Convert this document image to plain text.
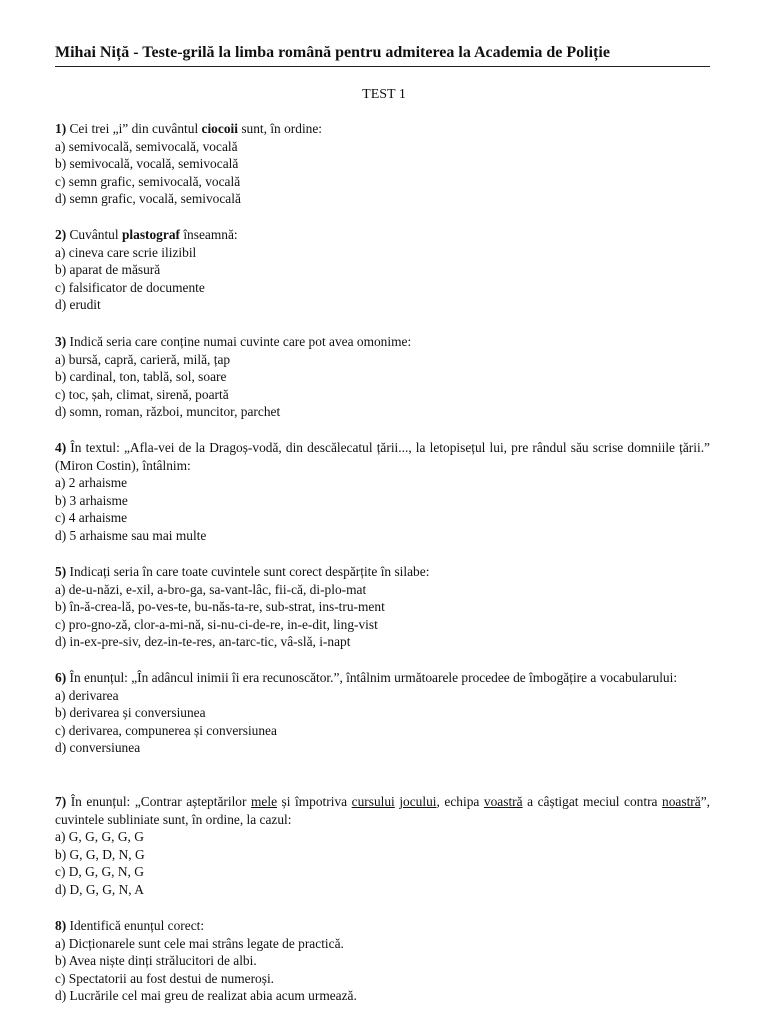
Mihai Niță - Teste-grilă la limba română pentru admiterea la Academia de Poliție
TEST 1

1) Cei trei „i” din cuvântul ciocoii sunt, în ordine:

a) semivocală, semivocală, vocală

b) semivocală, vocală, semivocală

c) semn grafic, semivocală, vocală

d) semn grafic, vocală, semivocală

2) Cuvântul plastograf înseamnă:

a) cineva care scrie ilizibil

b) aparat de măsură

c) falsificator de documente

d) erudit

3) Indică seria care conține numai cuvinte care pot avea omonime:

a) bursă, capră, carieră, milă, țap

b) cardinal, ton, tablă, sol, soare

c) toc, șah, climat, sirenă, poartă

d) somn, roman, război, muncitor, parchet

4) În textul: „Afla-vei de la Dragoș-vodă, din descălecatul țării..., la letopisețul lui, pre rândul său scrise domniile țării.” (Miron Costin), întâlnim:

a) 2 arhaisme

b) 3 arhaisme

c) 4 arhaisme

d) 5 arhaisme sau mai multe

5) Indicați seria în care toate cuvintele sunt corect despărțite în silabe:

a) de-u-năzi, e-xil, a-bro-ga, sa-vant-lâc, fii-că, di-plo-mat

b) în-ă-crea-lă, po-ves-te, bu-năs-ta-re, sub-strat, ins-tru-ment

c) pro-gno-ză, clor-a-mi-nă, si-nu-ci-de-re, in-e-dit, ling-vist

d) in-ex-pre-siv, dez-in-te-res, an-tarc-tic, vâ-slă, i-napt

6) În enunțul: „În adâncul inimii îi era recunoscător.”, întâlnim următoarele procedee de îmbogățire a vocabularului:

a) derivarea

b) derivarea și conversiunea

c) derivarea, compunerea și conversiunea

d) conversiunea

7) În enunțul: „Contrar așteptărilor mele și împotriva cursului jocului, echipa voastră a câștigat meciul contra noastră”, cuvintele subliniate sunt, în ordine, la cazul:

a) G, G, G, G, G

b) G, G, D, N, G

c) D, G, G, N, G

d) D, G, G, N, A

8) Identifică enunțul corect:

a) Dicționarele sunt cele mai strâns legate de practică.

b) Avea niște dinți strălucitori de albi.

c) Spectatorii au fost destui de numeroși.

d) Lucrările cel mai greu de realizat abia acum urmează.
